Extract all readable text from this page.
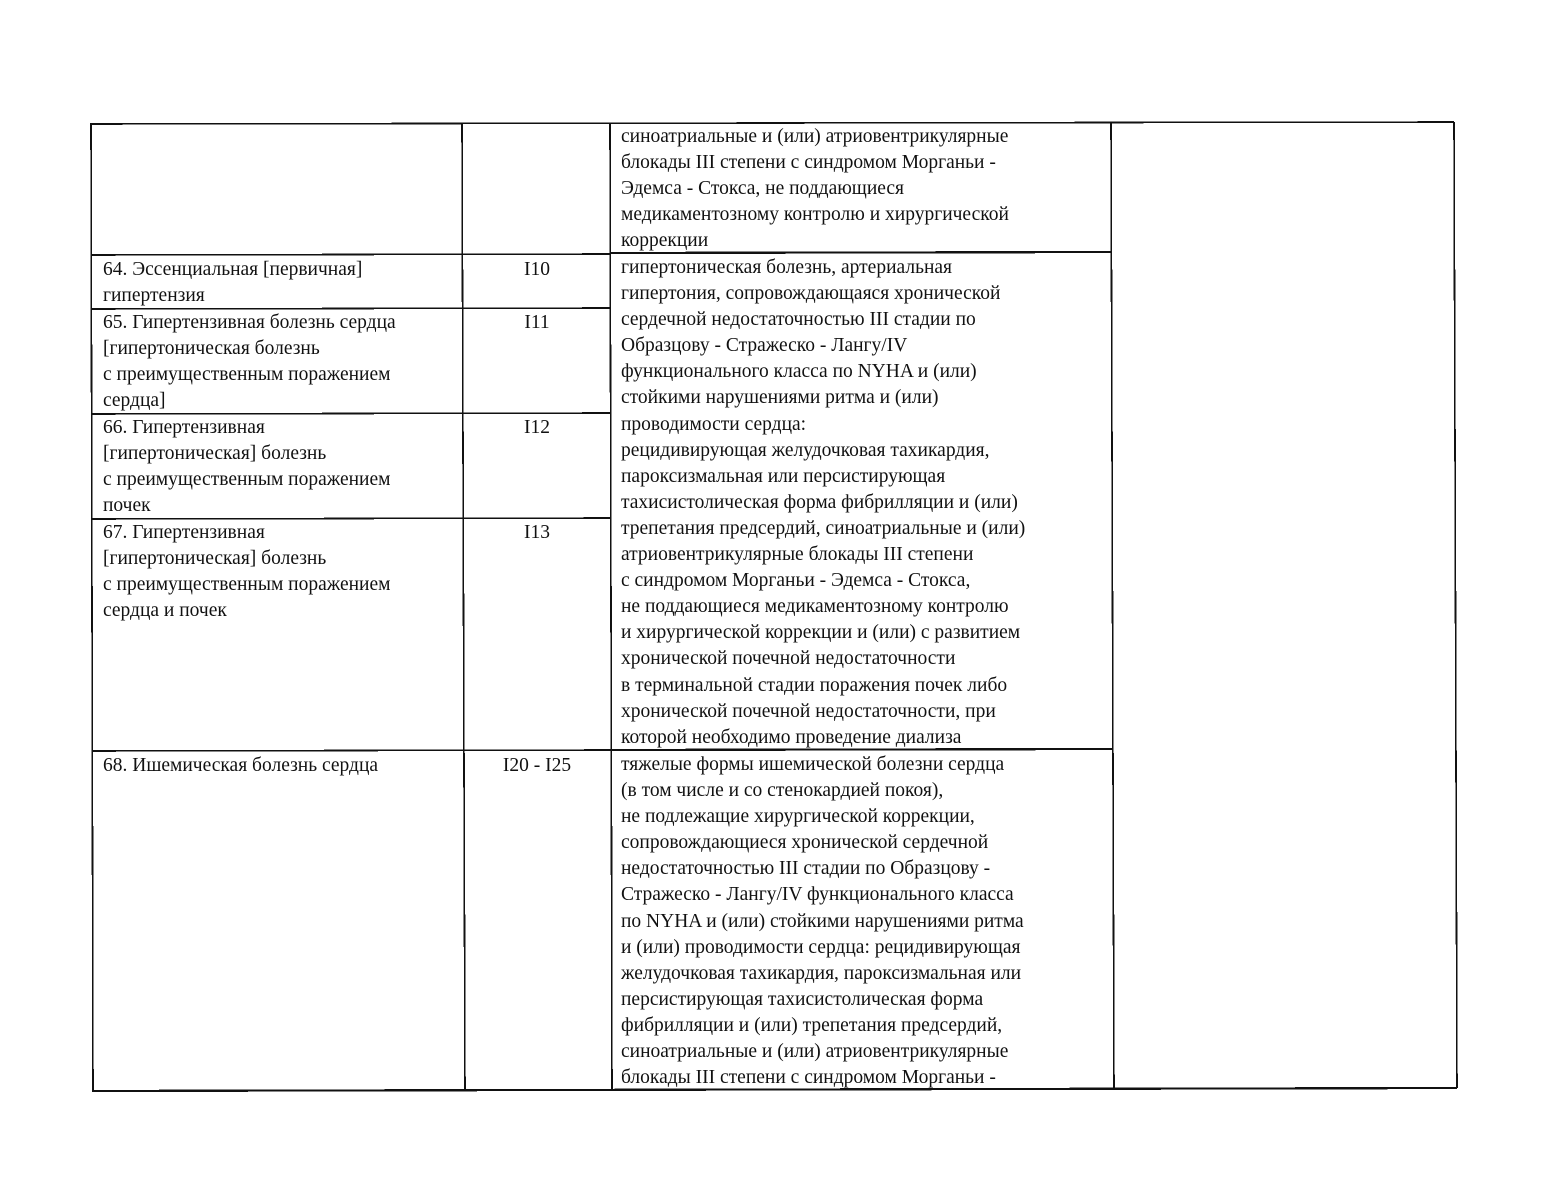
синоатриальные и (или) атриовентрикулярные
блокады III степени с синдромом Морганьи -
Эдемса - Стокса, не поддающиеся
медикаментозному контролю и хирургической
коррекции
64. Эссенциальная [первичная]
гипертензия
I10
65. Гипертензивная болезнь сердца
[гипертоническая болезнь
с преимущественным поражением
сердца]
I11
66. Гипертензивная
[гипертоническая] болезнь
с преимущественным поражением
почек
I12
67. Гипертензивная
[гипертоническая] болезнь
с преимущественным поражением
сердца и почек
I13
гипертоническая болезнь, артериальная
гипертония, сопровождающаяся хронической
сердечной недостаточностью III стадии по
Образцову - Стражеско - Лангу/IV
функционального класса по NYHA и (или)
стойкими нарушениями ритма и (или)
проводимости сердца:
рецидивирующая желудочковая тахикардия,
пароксизмальная или персистирующая
тахисистолическая форма фибрилляции и (или)
трепетания предсердий, синоатриальные и (или)
атриовентрикулярные блокады III степени
с синдромом Морганьи - Эдемса - Стокса,
не поддающиеся медикаментозному контролю
и хирургической коррекции и (или) с развитием
хронической почечной недостаточности
в терминальной стадии поражения почек либо
хронической почечной недостаточности, при
которой необходимо проведение диализа
68. Ишемическая болезнь сердца	I20 - I25	тяжелые формы ишемической болезни сердца
(в том числе и со стенокардией покоя),
не подлежащие хирургической коррекции,
сопровождающиеся хронической сердечной
недостаточностью III стадии по Образцову -
Стражеско - Лангу/IV функционального класса
по NYHA и (или) стойкими нарушениями ритма
и (или) проводимости сердца: рецидивирующая
желудочковая тахикардия, пароксизмальная или
персистирующая тахисистолическая форма
фибрилляции и (или) трепетания предсердий,
синоатриальные и (или) атриовентрикулярные
блокады III степени с синдромом Морганьи -
